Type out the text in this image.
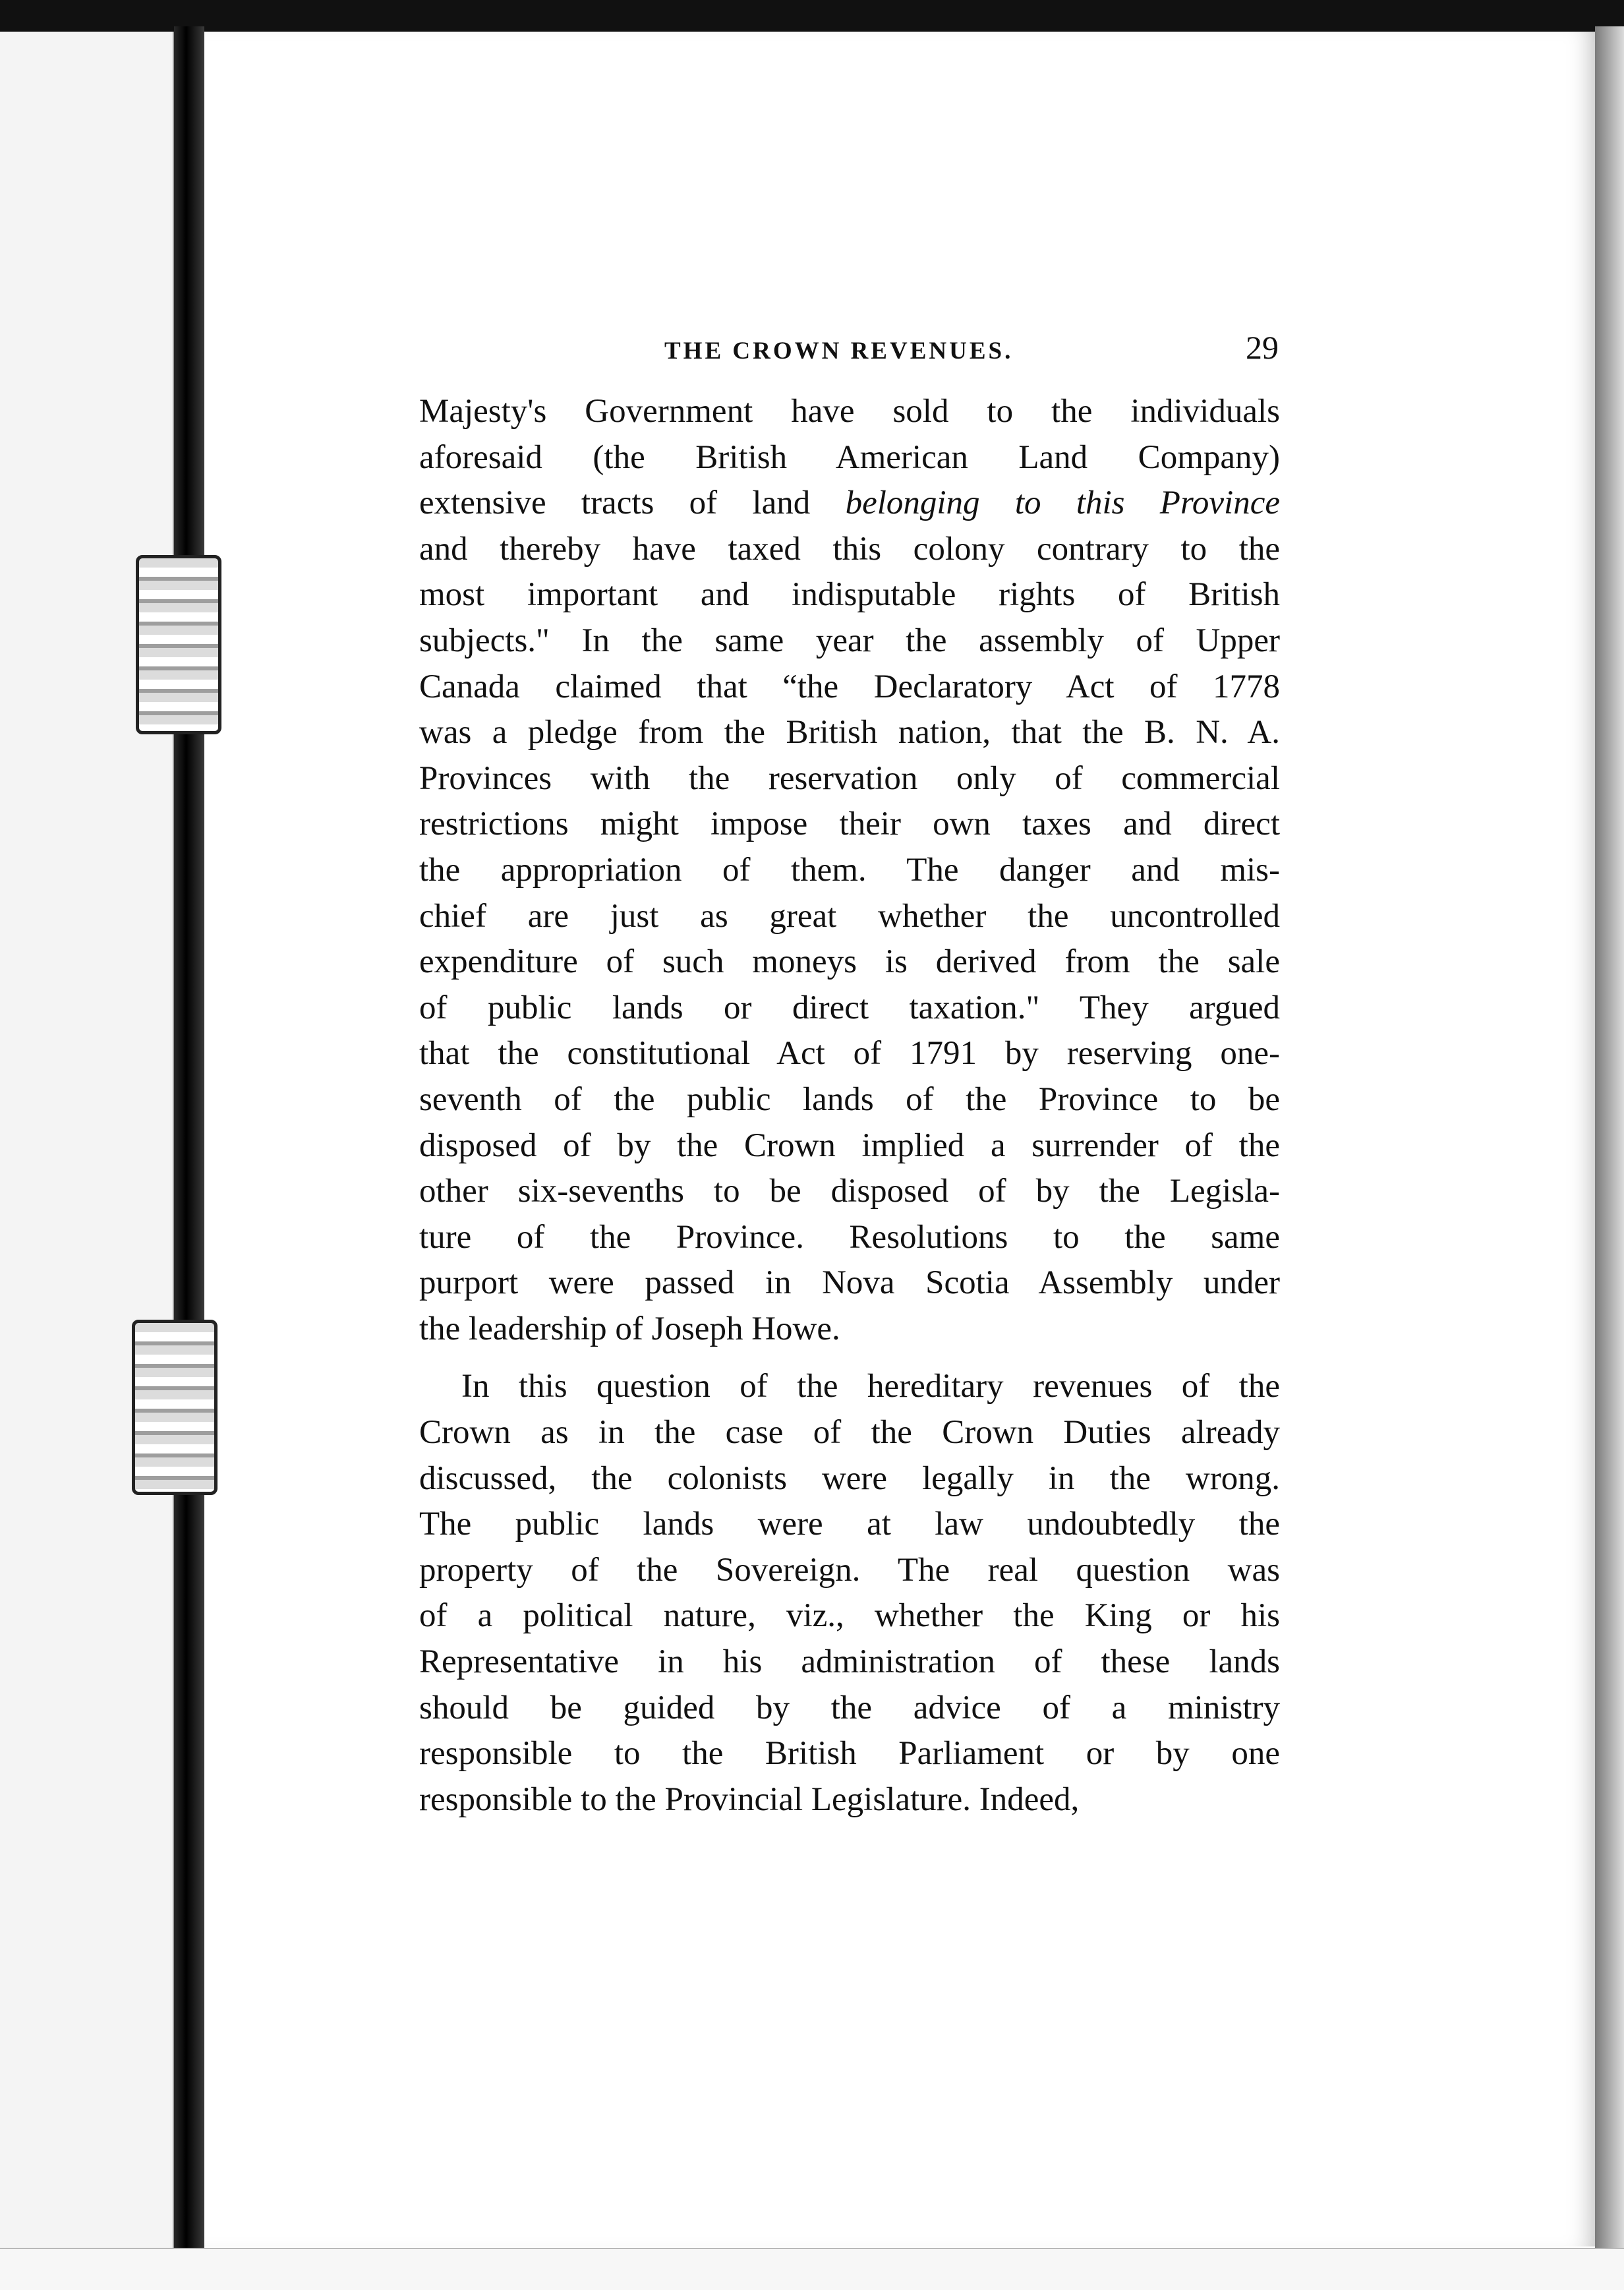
THE CROWN REVENUES.	29
Majesty's Government have sold to the individuals
aforesaid (the British American Land Company)
extensive tracts of land belonging to this Province
and thereby have taxed this colony contrary to the
most important and indisputable rights of British
subjects." In the same year the assembly of Upper
Canada claimed that “the Declaratory Act of 1778
was a pledge from the British nation, that the B. N. A.
Provinces with the reservation only of commercial
restrictions might impose their own taxes and direct
the appropriation of them. The danger and mis-
chief are just as great whether the uncontrolled
expenditure of such moneys is derived from the sale
of public lands or direct taxation." They argued
that the constitutional Act of 1791 by reserving one-
seventh of the public lands of the Province to be
disposed of by the Crown implied a surrender of the
other six-sevenths to be disposed of by the Legisla-
ture of the Province. Resolutions to the same
purport were passed in Nova Scotia Assembly under
the leadership of Joseph Howe.
In this question of the hereditary revenues of the
Crown as in the case of the Crown Duties already
discussed, the colonists were legally in the wrong.
The public lands were at law undoubtedly the
property of the Sovereign. The real question was
of a political nature, viz., whether the King or his
Representative in his administration of these lands
should be guided by the advice of a ministry
responsible to the British Parliament or by one
responsible to the Provincial Legislature. Indeed,
